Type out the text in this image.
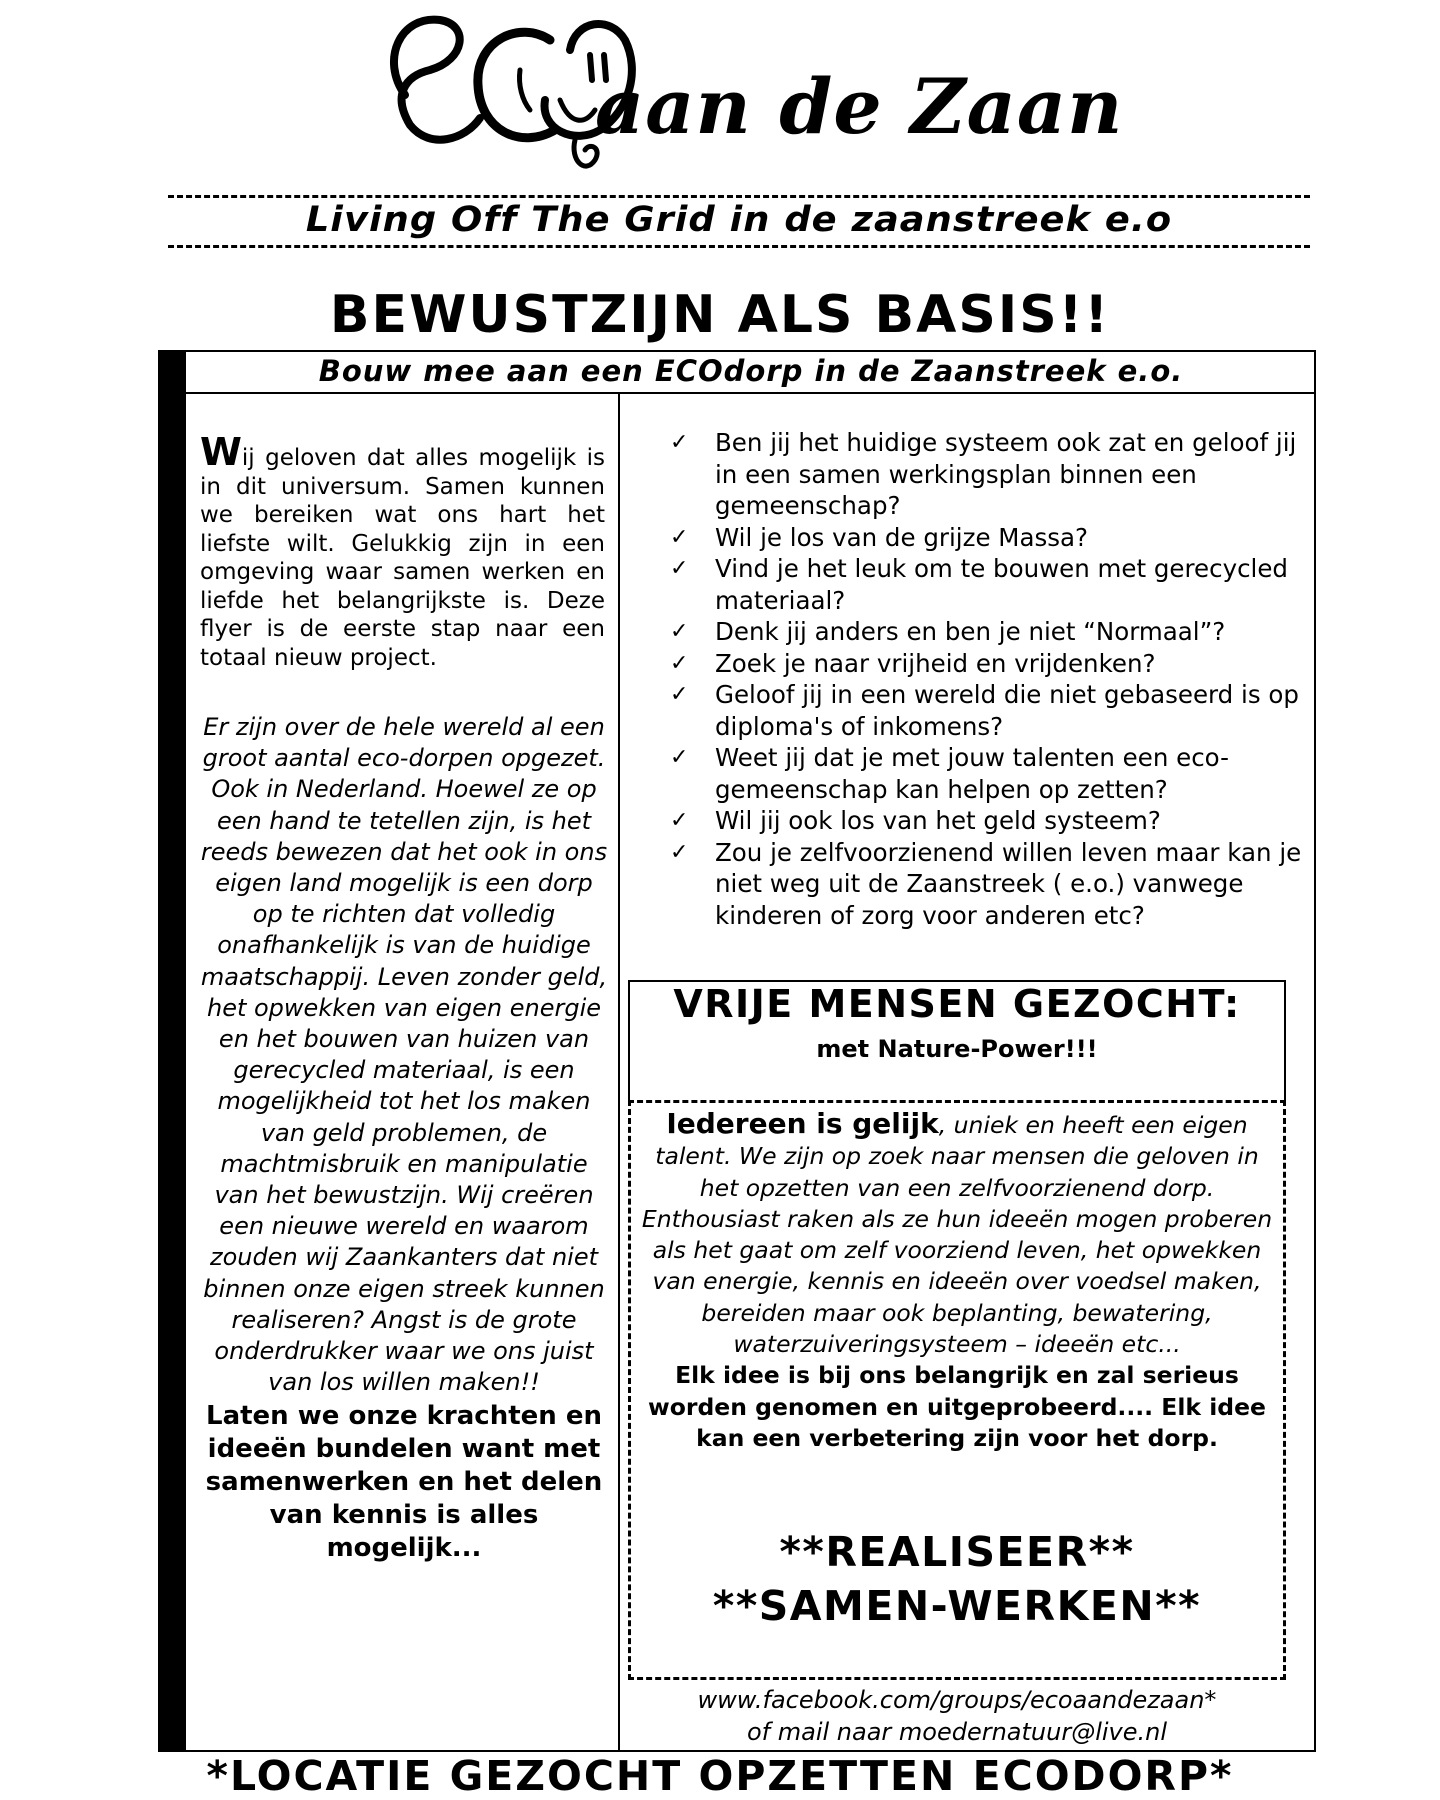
aan de Zaan
Living Off The Grid in de zaanstreek e.o
BEWUSTZIJN ALS BASIS!!
Bouw mee aan een ECOdorp in de Zaanstreek e.o.
Wij geloven dat alles mogelijk is in dit universum. Samen kunnen we bereiken wat ons hart het liefste wilt. Gelukkig zijn in een omgeving waar samen werken en liefde het belangrijkste is. Deze flyer is de eerste stap naar een totaal nieuw project.
Er zijn over de hele wereld al een groot aantal eco-dorpen opgezet. Ook in Nederland. Hoewel ze op een hand te tetellen zijn, is het reeds bewezen dat het ook in ons eigen land mogelijk is een dorp op te richten dat volledig onafhankelijk is van de huidige maatschappij. Leven zonder geld, het opwekken van eigen energie en het bouwen van huizen van gerecycled materiaal, is een mogelijkheid tot het los maken van geld problemen, de machtmisbruik en manipulatie van het bewustzijn. Wij creëren een nieuwe wereld en waarom zouden wij Zaankanters dat niet binnen onze eigen streek kunnen realiseren? Angst is de grote onderdrukker waar we ons juist van los willen maken!!
Laten we onze krachten en ideeën bundelen want met samenwerken en het delen van kennis is alles mogelijk...
✓ Ben jij het huidige systeem ook zat en geloof jij in een samen werkingsplan binnen een gemeenschap?
✓ Wil je los van de grijze Massa?
✓ Vind je het leuk om te bouwen met gerecycled materiaal?
✓ Denk jij anders en ben je niet “Normaal”?
✓ Zoek je naar vrijheid en vrijdenken?
✓ Geloof jij in een wereld die niet gebaseerd is op diploma's of inkomens?
✓ Weet jij dat je met jouw talenten een eco-gemeenschap kan helpen op zetten?
✓ Wil jij ook los van het geld systeem?
✓ Zou je zelfvoorzienend willen leven maar kan je niet weg uit de Zaanstreek ( e.o.) vanwege kinderen of zorg voor anderen etc?
VRIJE MENSEN GEZOCHT:
met Nature-Power!!!
Iedereen is gelijk, uniek en heeft een eigen talent. We zijn op zoek naar mensen die geloven in het opzetten van een zelfvoorzienend dorp. Enthousiast raken als ze hun ideeën mogen proberen als het gaat om zelf voorziend leven, het opwekken van energie, kennis en ideeën over voedsel maken, bereiden maar ook beplanting, bewatering, waterzuiveringsysteem – ideeën etc...
Elk idee is bij ons belangrijk en zal serieus worden genomen en uitgeprobeerd.... Elk idee kan een verbetering zijn voor het dorp.
**REALISEER**
**SAMEN-WERKEN**
www.facebook.com/groups/ecoaandezaan*
of mail naar moedernatuur@live.nl
*LOCATIE GEZOCHT OPZETTEN ECODORP*
